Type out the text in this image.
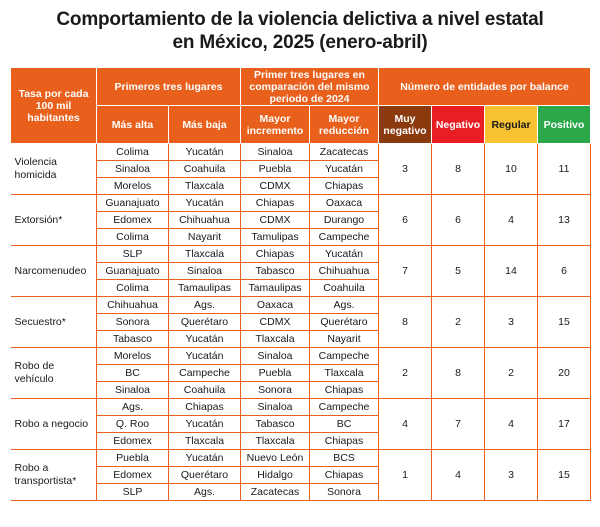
Comportamiento de la violencia delictiva a nivel estatal
en México, 2025 (enero-abril)
Tasa por cada 100 mil habitantes	Primeros tres lugares		Primer tres lugares en comparación del mismo periodo de 2024		Número de entidades por balance			
	Más alta	Más baja	Mayor incremento	Mayor reducción	Muy negativo	Negativo	Regular	Positivo
Violencia homicida	Colima	Yucatán	Sinaloa	Zacatecas	3	8	10	11
	Sinaloa	Coahuila	Puebla	Yucatán				
	Morelos	Tlaxcala	CDMX	Chiapas				
Extorsión*	Guanajuato	Yucatán	Chiapas	Oaxaca	6	6	4	13
	Edomex	Chihuahua	CDMX	Durango				
	Colima	Nayarit	Tamulipas	Campeche				
Narcomenudeo	SLP	Tlaxcala	Chiapas	Yucatán	7	5	14	6
	Guanajuato	Sinaloa	Tabasco	Chihuahua				
	Colima	Tamaulipas	Tamaulipas	Coahuila				
Secuestro*	Chihuahua	Ags.	Oaxaca	Ags.	8	2	3	15
	Sonora	Querétaro	CDMX	Querétaro				
	Tabasco	Yucatán	Tlaxcala	Nayarit				
Robo de vehículo	Morelos	Yucatán	Sinaloa	Campeche	2	8	2	20
	BC	Campeche	Puebla	Tlaxcala				
	Sinaloa	Coahuila	Sonora	Chiapas				
Robo a negocio	Ags.	Chiapas	Sinaloa	Campeche	4	7	4	17
	Q. Roo	Yucatán	Tabasco	BC				
	Edomex	Tlaxcala	Tlaxcala	Chiapas				
Robo a transportista*	Puebla	Yucatán	Nuevo León	BCS	1	4	3	15
	Edomex	Querétaro	Hidalgo	Chiapas				
	SLP	Ags.	Zacatecas	Sonora				
